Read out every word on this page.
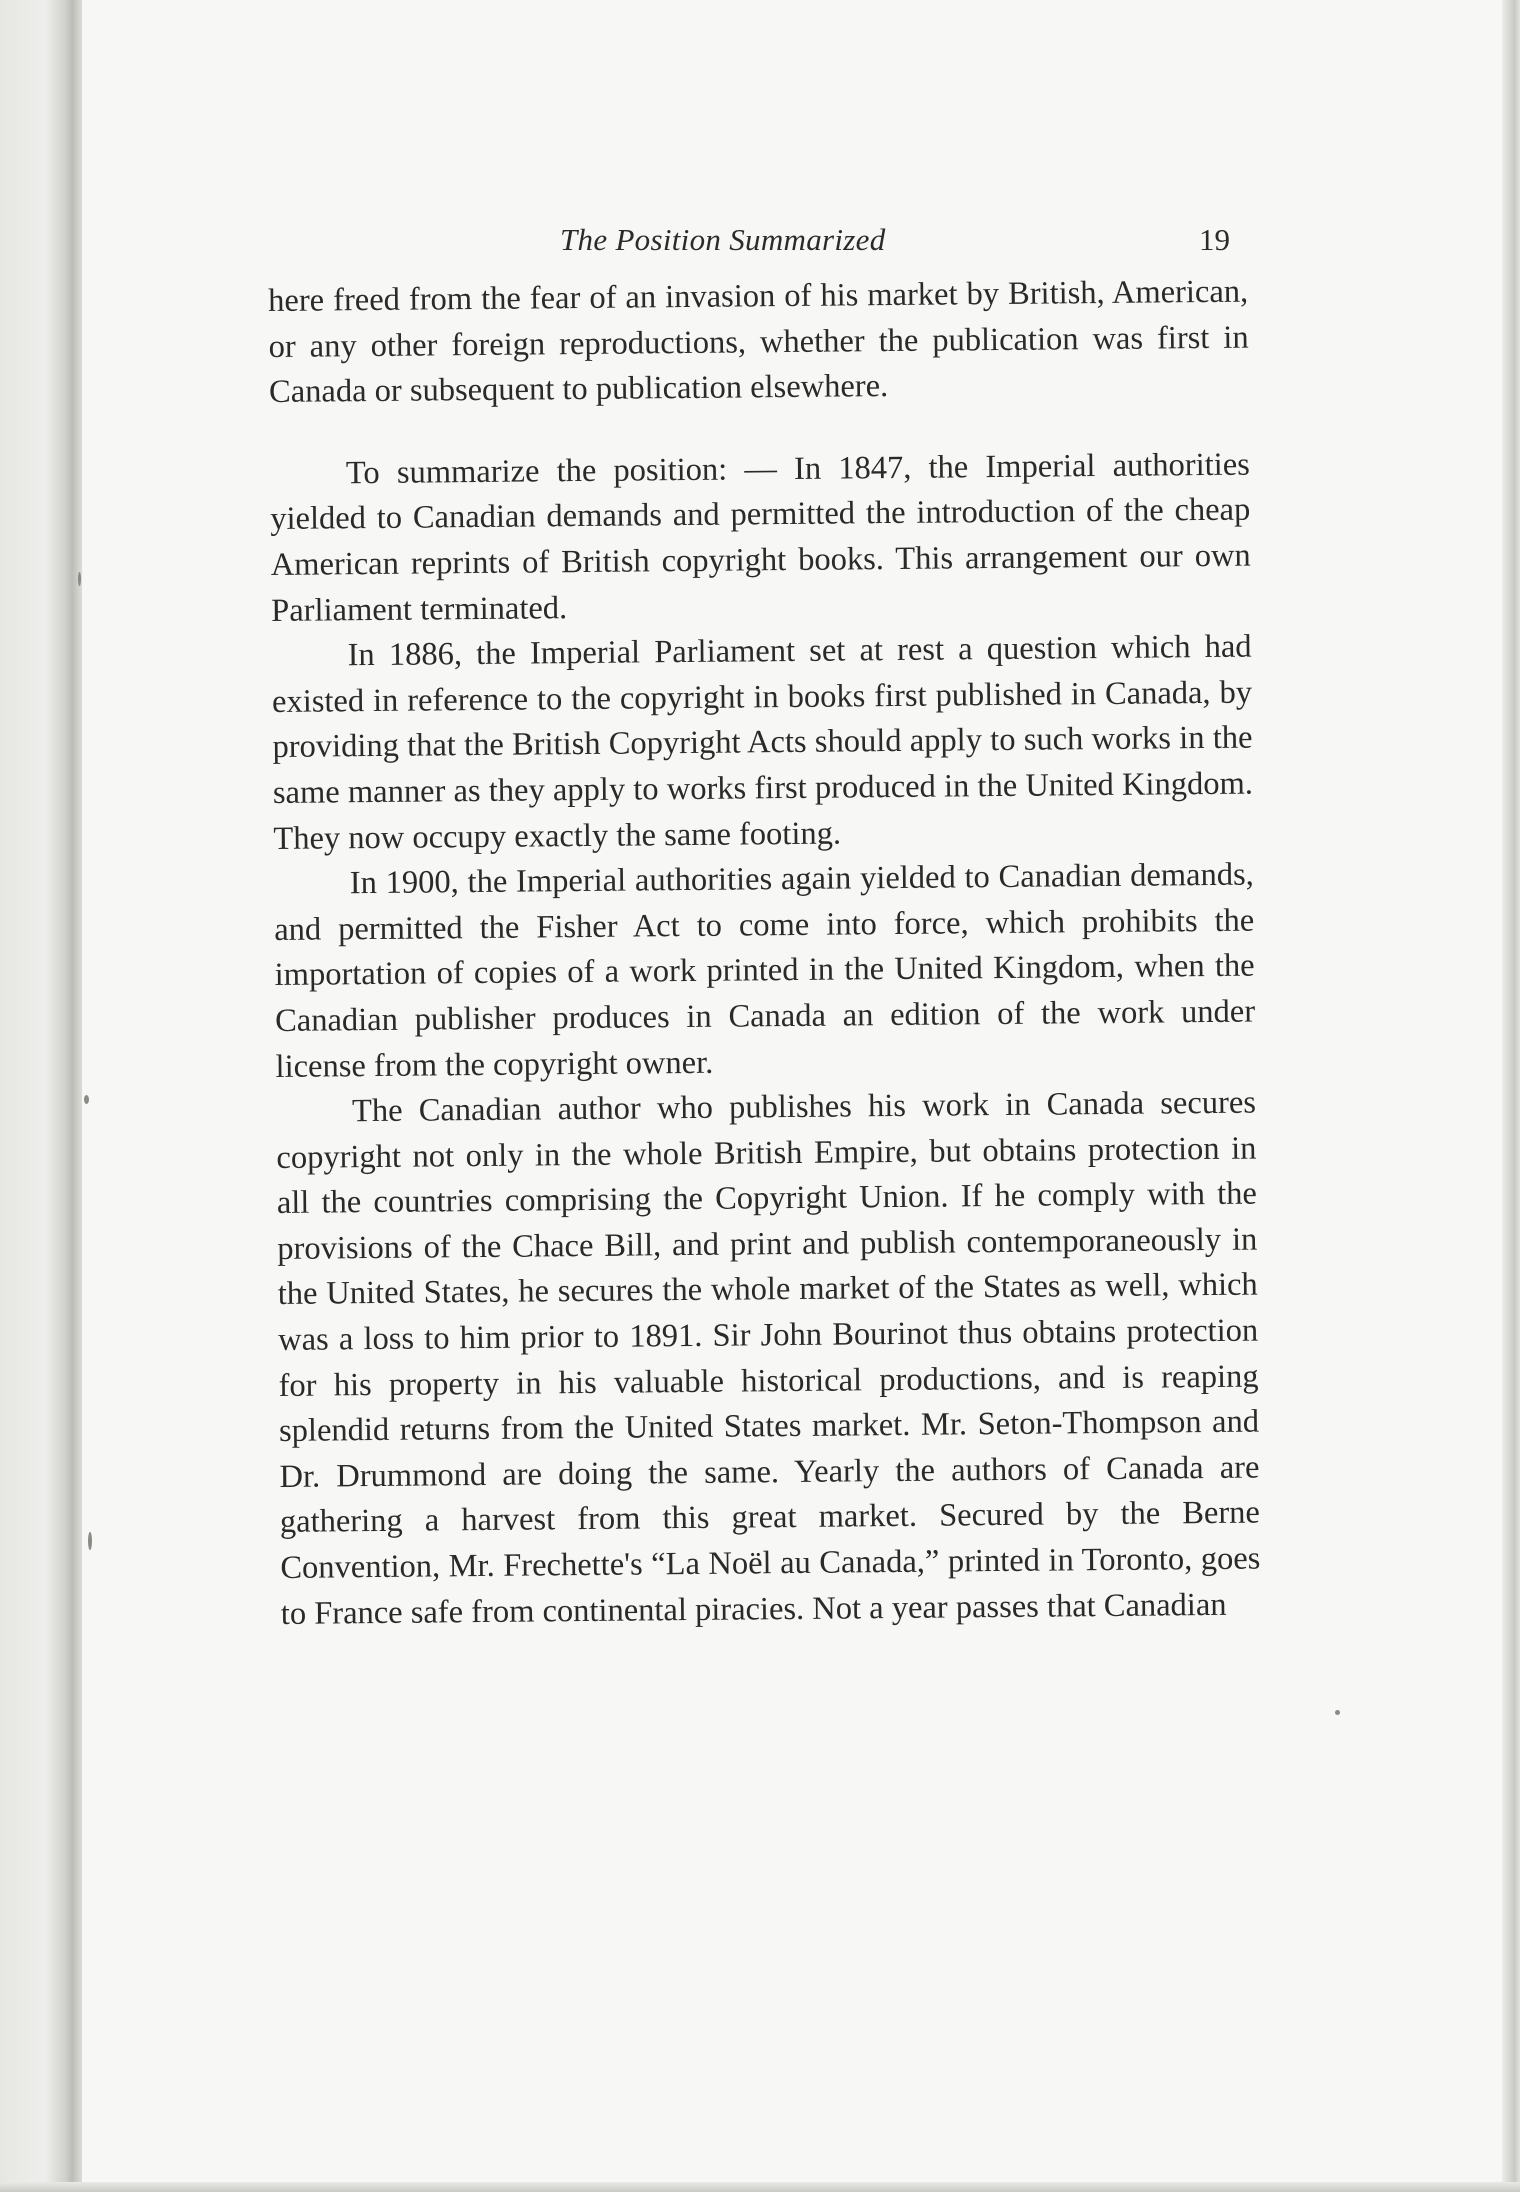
The Position Summarized	19

here freed from the fear of an invasion of his market by British, American, or any other foreign reproductions, whether the publication was first in Canada or subsequent to publication elsewhere.

To summarize the position: — In 1847, the Imperial authorities yielded to Canadian demands and permitted the introduction of the cheap American reprints of British copyright books. This arrangement our own Parliament terminated.

In 1886, the Imperial Parliament set at rest a question which had existed in reference to the copyright in books first published in Canada, by providing that the British Copyright Acts should apply to such works in the same manner as they apply to works first produced in the United Kingdom. They now occupy exactly the same footing.

In 1900, the Imperial authorities again yielded to Canadian demands, and permitted the Fisher Act to come into force, which prohibits the importation of copies of a work printed in the United Kingdom, when the Canadian publisher produces in Canada an edition of the work under license from the copyright owner.

The Canadian author who publishes his work in Canada secures copyright not only in the whole British Empire, but obtains protection in all the countries comprising the Copyright Union. If he comply with the provisions of the Chace Bill, and print and publish contemporaneously in the United States, he secures the whole market of the States as well, which was a loss to him prior to 1891. Sir John Bourinot thus obtains protection for his property in his valuable historical productions, and is reaping splendid returns from the United States market. Mr. Seton-Thompson and Dr. Drummond are doing the same. Yearly the authors of Canada are gathering a harvest from this great market. Secured by the Berne Convention, Mr. Frechette's “La Noël au Canada,” printed in Toronto, goes to France safe from continental piracies. Not a year passes that Canadian
